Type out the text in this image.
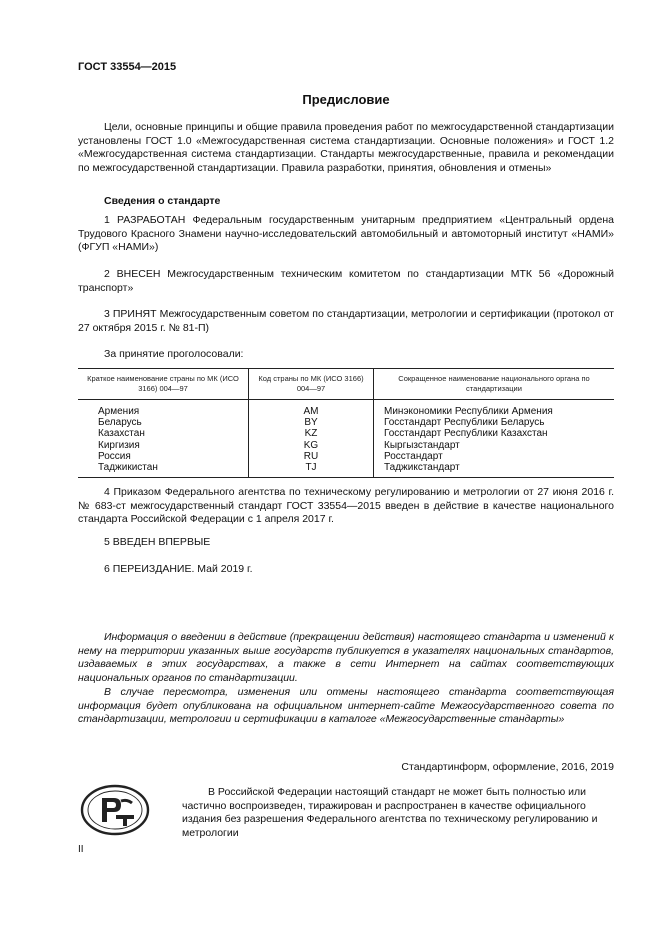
ГОСТ 33554—2015
Предисловие

Цели, основные принципы и общие правила проведения работ по межгосударственной стандартизации установлены ГОСТ 1.0 «Межгосударственная система стандартизации. Основные положения» и ГОСТ 1.2 «Межгосударственная система стандартизации. Стандарты межгосударственные, правила и рекомендации по межгосударственной стандартизации. Правила разработки, принятия, обновления и отмены»

Сведения о стандарте

1 РАЗРАБОТАН Федеральным государственным унитарным предприятием «Центральный ордена Трудового Красного Знамени научно-исследовательский автомобильный и автомоторный институт «НАМИ» (ФГУП «НАМИ»)

2 ВНЕСЕН Межгосударственным техническим комитетом по стандартизации МТК 56 «Дорожный транспорт»

3 ПРИНЯТ Межгосударственным советом по стандартизации, метрологии и сертификации (протокол от 27 октября 2015 г. № 81-П)

За принятие проголосовали:
Краткое наименование страны по МК (ИСО 3166) 004—97	Код страны по МК (ИСО 3166) 004—97	Сокращенное наименование национального органа по стандартизации
Армения	AM	Минэкономики Республики Армения
Беларусь	BY	Госстандарт Республики Беларусь
Казахстан	KZ	Госстандарт Республики Казахстан
Киргизия	KG	Кыргызстандарт
Россия	RU	Росстандарт
Таджикистан	TJ	Таджикстандарт

4 Приказом Федерального агентства по техническому регулированию и метрологии от 27 июня 2016 г. № 683-ст межгосударственный стандарт ГОСТ 33554—2015 введен в действие в качестве национального стандарта Российской Федерации с 1 апреля 2017 г.

5 ВВЕДЕН ВПЕРВЫЕ

6 ПЕРЕИЗДАНИЕ. Май 2019 г.

Информация о введении в действие (прекращении действия) настоящего стандарта и изменений к нему на территории указанных выше государств публикуется в указателях национальных стандартов, издаваемых в этих государствах, а также в сети Интернет на сайтах соответствующих национальных органов по стандартизации.

В случае пересмотра, изменения или отмены настоящего стандарта соответствующая информация будет опубликована на официальном интернет-сайте Межгосударственного совета по стандартизации, метрологии и сертификации в каталоге «Межгосударственные стандарты»

Стандартинформ, оформление, 2016, 2019

В Российской Федерации настоящий стандарт не может быть полностью или частично воспроизведен, тиражирован и распространен в качестве официального издания без разрешения Федерального агентства по техническому регулированию и метрологии

II
